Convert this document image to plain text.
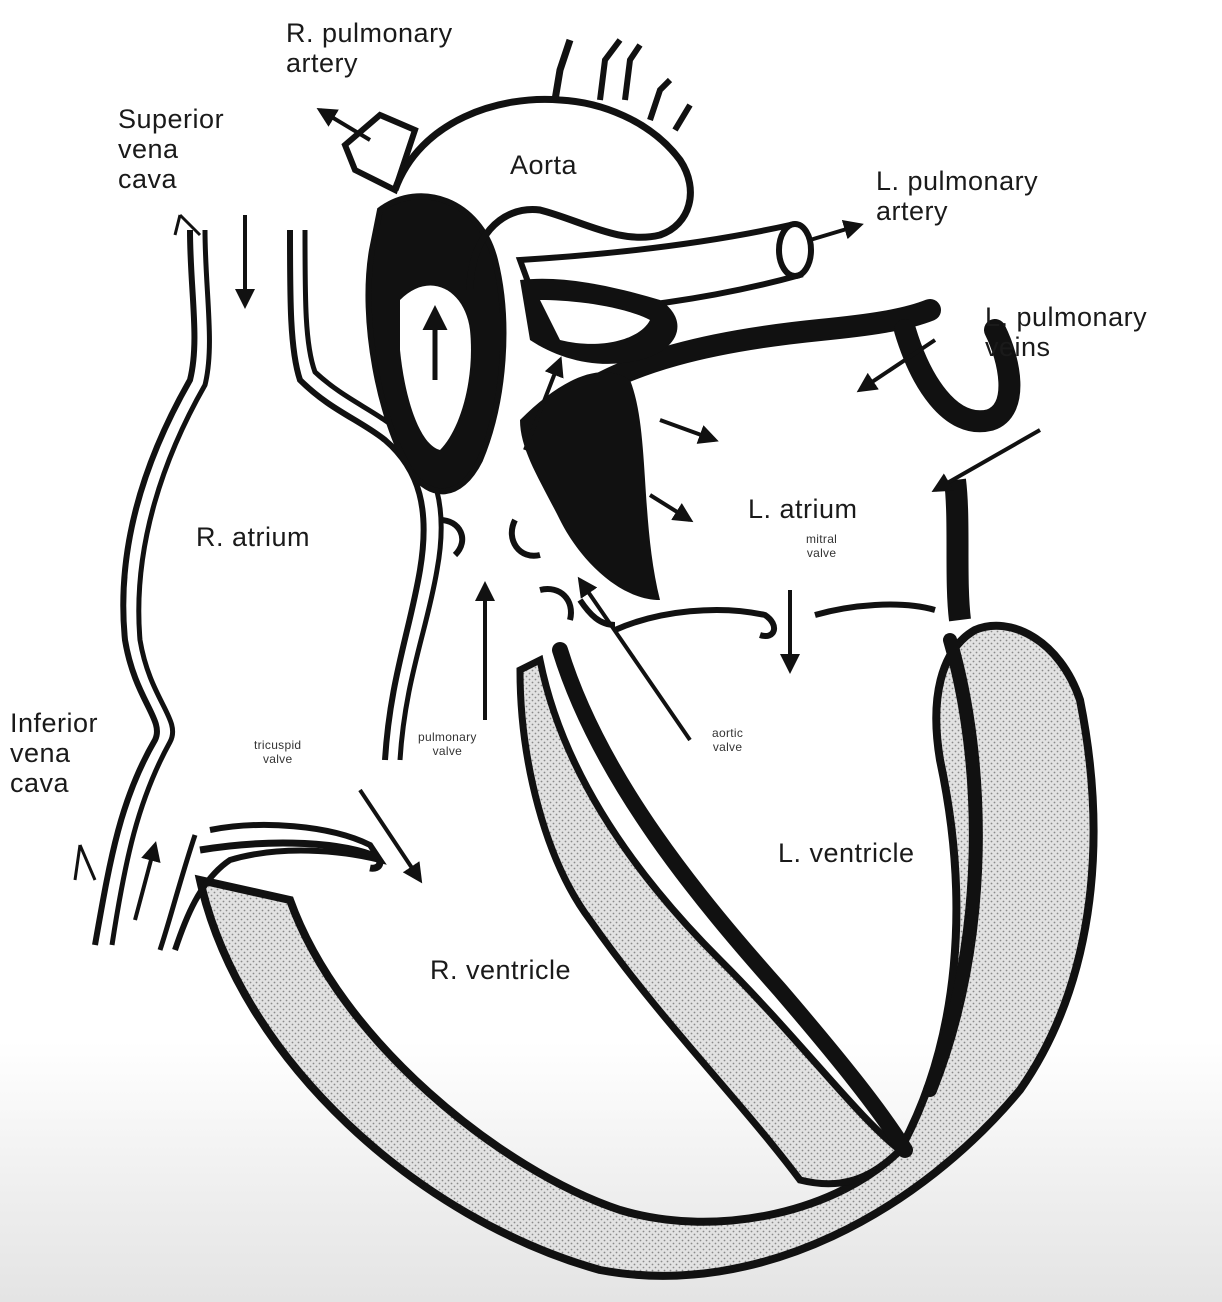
R. pulmonary
artery
Superior
vena
cava	Aorta
L. pulmonary
artery
L. pulmonary
veins
R. atrium
L. atrium
mitral
valve
Inferior
vena
cava
tricuspid
valve
pulmonary
valve
aortic
valve
L. ventricle
R. ventricle
